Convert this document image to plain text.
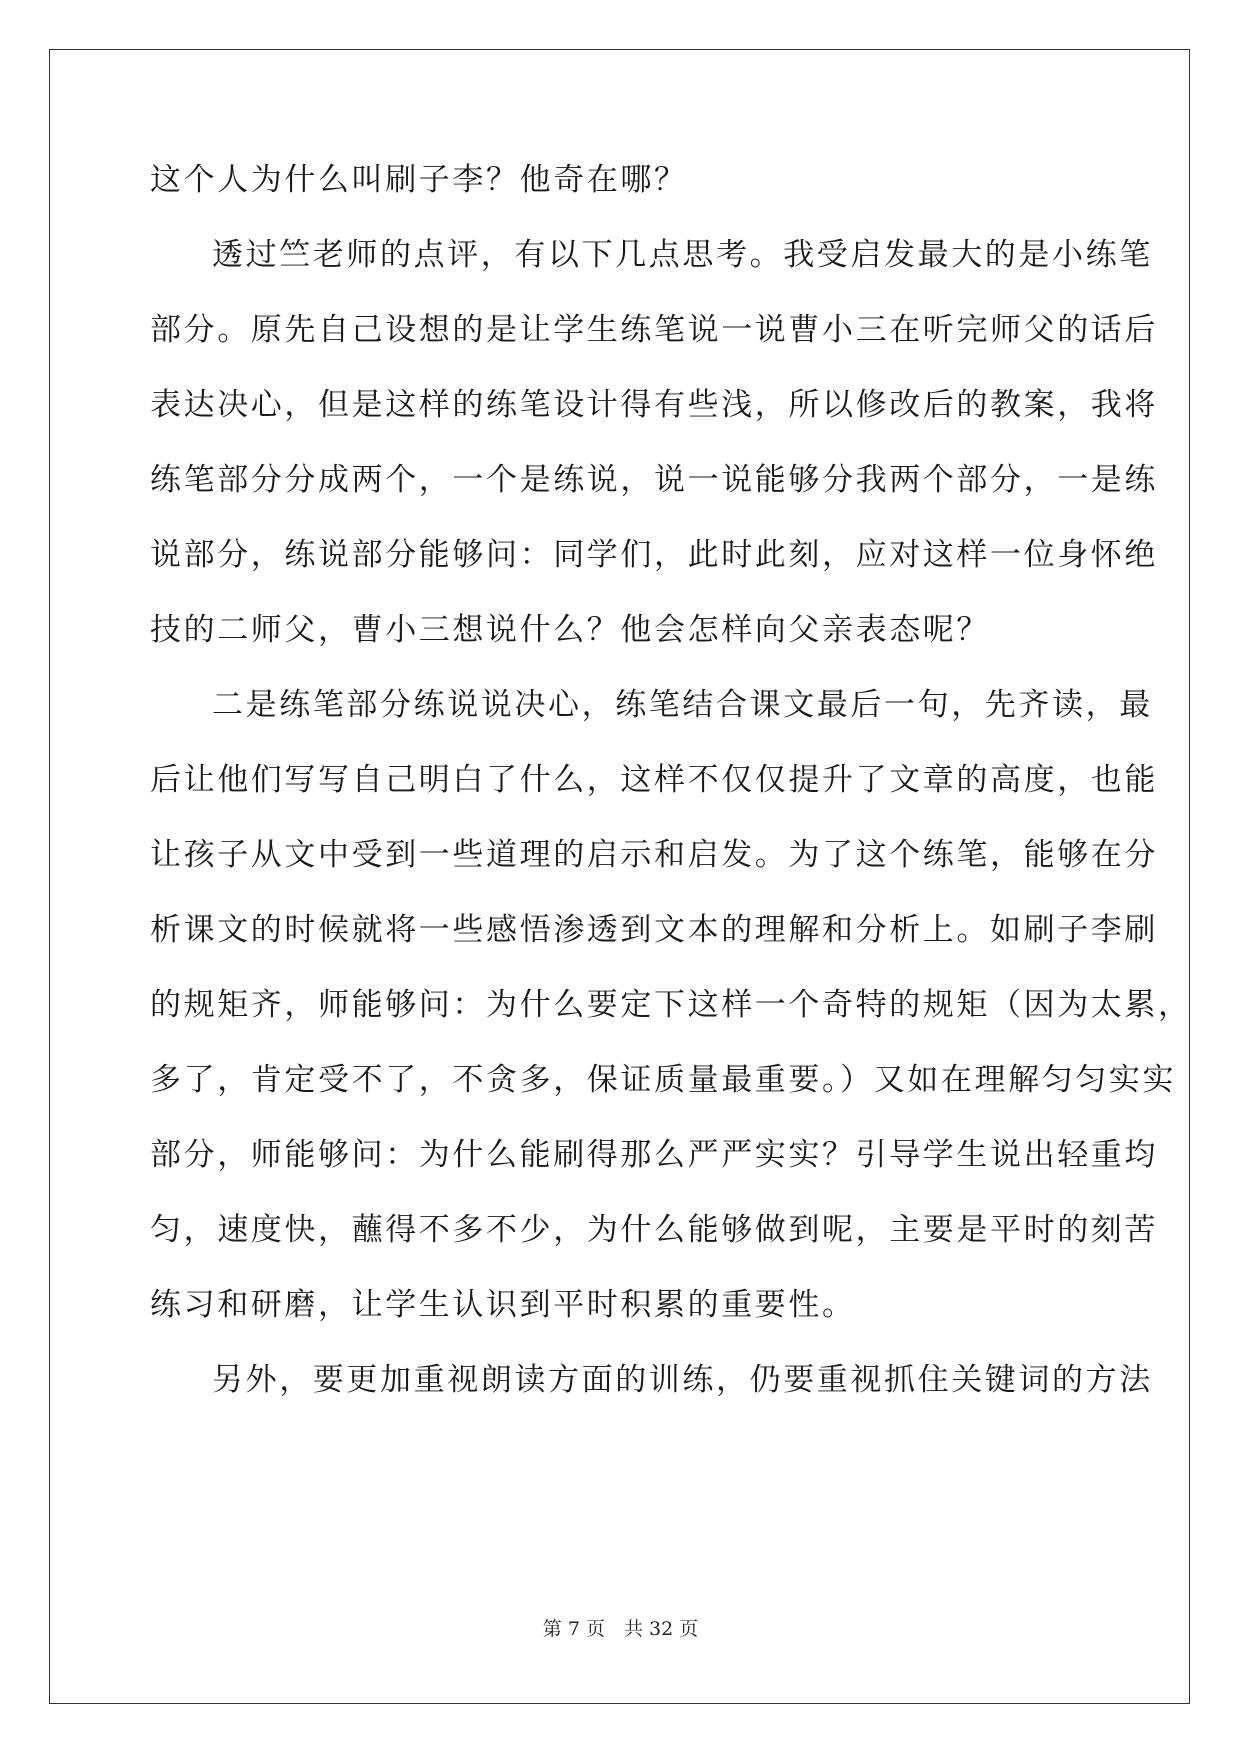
这个人为什么叫刷子李？他奇在哪？
透过竺老师的点评，有以下几点思考。我受启发最大的是小练笔
部分。原先自己设想的是让学生练笔说一说曹小三在听完师父的话后
表达决心，但是这样的练笔设计得有些浅，所以修改后的教案，我将
练笔部分分成两个，一个是练说，说一说能够分我两个部分，一是练
说部分，练说部分能够问：同学们，此时此刻，应对这样一位身怀绝
技的二师父，曹小三想说什么？他会怎样向父亲表态呢？
二是练笔部分练说说决心，练笔结合课文最后一句，先齐读，最
后让他们写写自己明白了什么，这样不仅仅提升了文章的高度，也能
让孩子从文中受到一些道理的启示和启发。为了这个练笔，能够在分
析课文的时候就将一些感悟渗透到文本的理解和分析上。如刷子李刷
的规矩齐，师能够问：为什么要定下这样一个奇特的规矩（因为太累，
多了，肯定受不了，不贪多，保证质量最重要。）又如在理解匀匀实实
部分，师能够问：为什么能刷得那么严严实实？引导学生说出轻重均
匀，速度快，蘸得不多不少，为什么能够做到呢，主要是平时的刻苦
练习和研磨，让学生认识到平时积累的重要性。
另外，要更加重视朗读方面的训练，仍要重视抓住关键词的方法
第 7 页　共 32 页
